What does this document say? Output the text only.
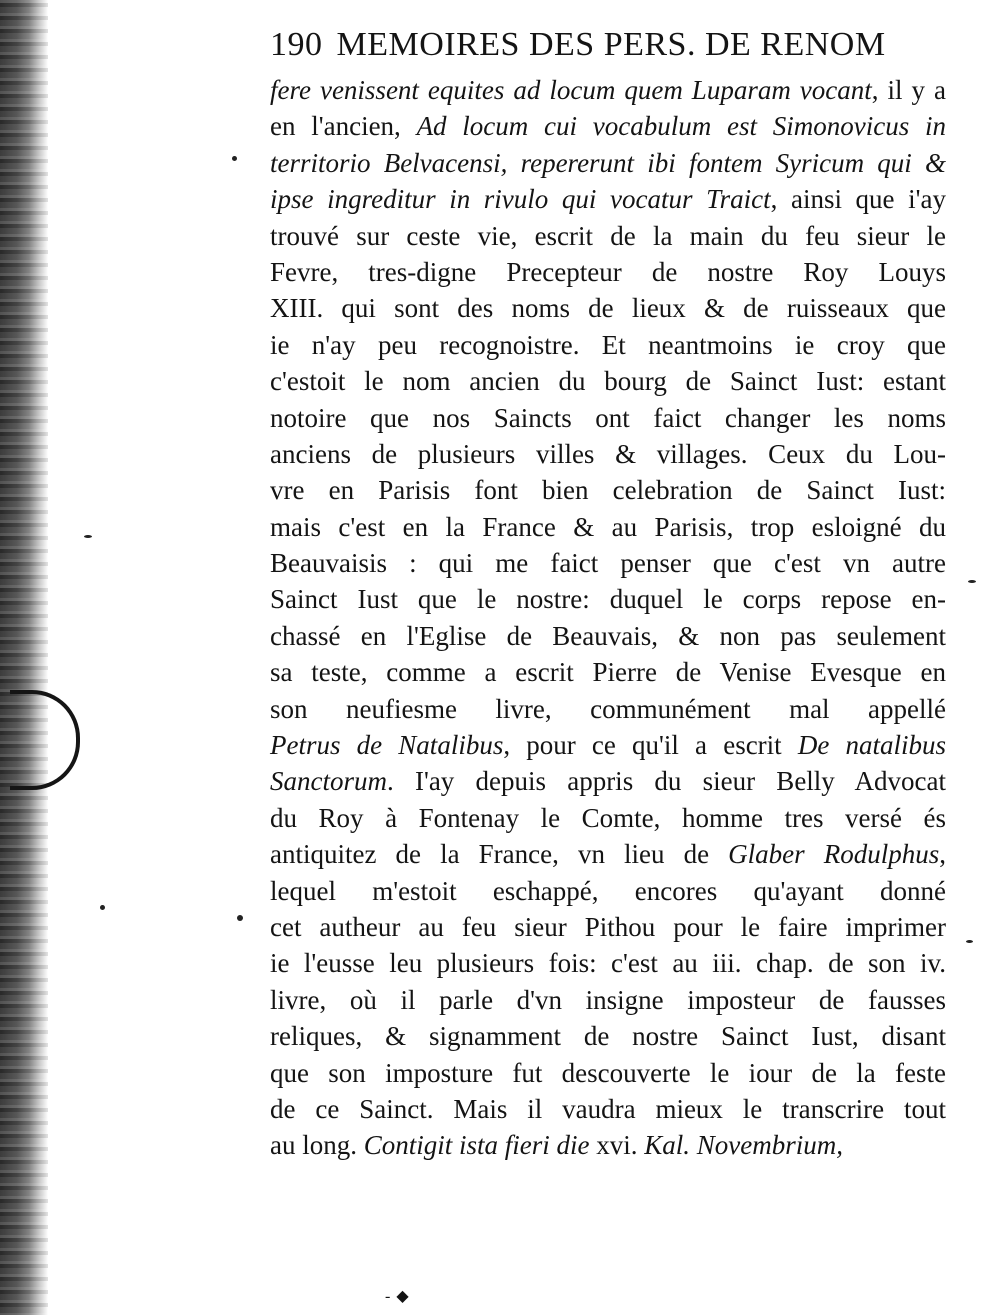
190 MEMOIRES DES PERS. DE RENOM
fere venissent equites ad locum quem Luparam vocant, il y a
en l'ancien, Ad locum cui vocabulum est Simonovicus in
territorio Belvacensi, repererunt ibi fontem Syricum qui &
ipse ingreditur in rivulo qui vocatur Traict, ainsi que i'ay
trouvé sur ceste vie, escrit de la main du feu sieur le
Fevre, tres-digne Precepteur de nostre Roy Louys
XIII. qui sont des noms de lieux & de ruisseaux que
ie n'ay peu recognoistre. Et neantmoins ie croy que
c'estoit le nom ancien du bourg de Sainct Iust: estant
notoire que nos Saincts ont faict changer les noms
anciens de plusieurs villes & villages. Ceux du Lou-
vre en Parisis font bien celebration de Sainct Iust:
mais c'est en la France & au Parisis, trop esloigné du
Beauvaisis : qui me faict penser que c'est vn autre
Sainct Iust que le nostre: duquel le corps repose en-
chassé en l'Eglise de Beauvais, & non pas seulement
sa teste, comme a escrit Pierre de Venise Evesque en
son neufiesme livre, communément mal appellé
Petrus de Natalibus, pour ce qu'il a escrit De natalibus
Sanctorum. I'ay depuis appris du sieur Belly Advocat
du Roy à Fontenay le Comte, homme tres versé és
antiquitez de la France, vn lieu de Glaber Rodulphus,
lequel m'estoit eschappé, encores qu'ayant donné
cet autheur au feu sieur Pithou pour le faire imprimer
ie l'eusse leu plusieurs fois: c'est au iii. chap. de son iv.
livre, où il parle d'vn insigne imposteur de fausses
reliques, & signamment de nostre Sainct Iust, disant
que son imposture fut descouverte le iour de la feste
de ce Sainct. Mais il vaudra mieux le transcrire tout
au long. Contigit ista fieri die xvi. Kal. Novembrium,
- ◆
